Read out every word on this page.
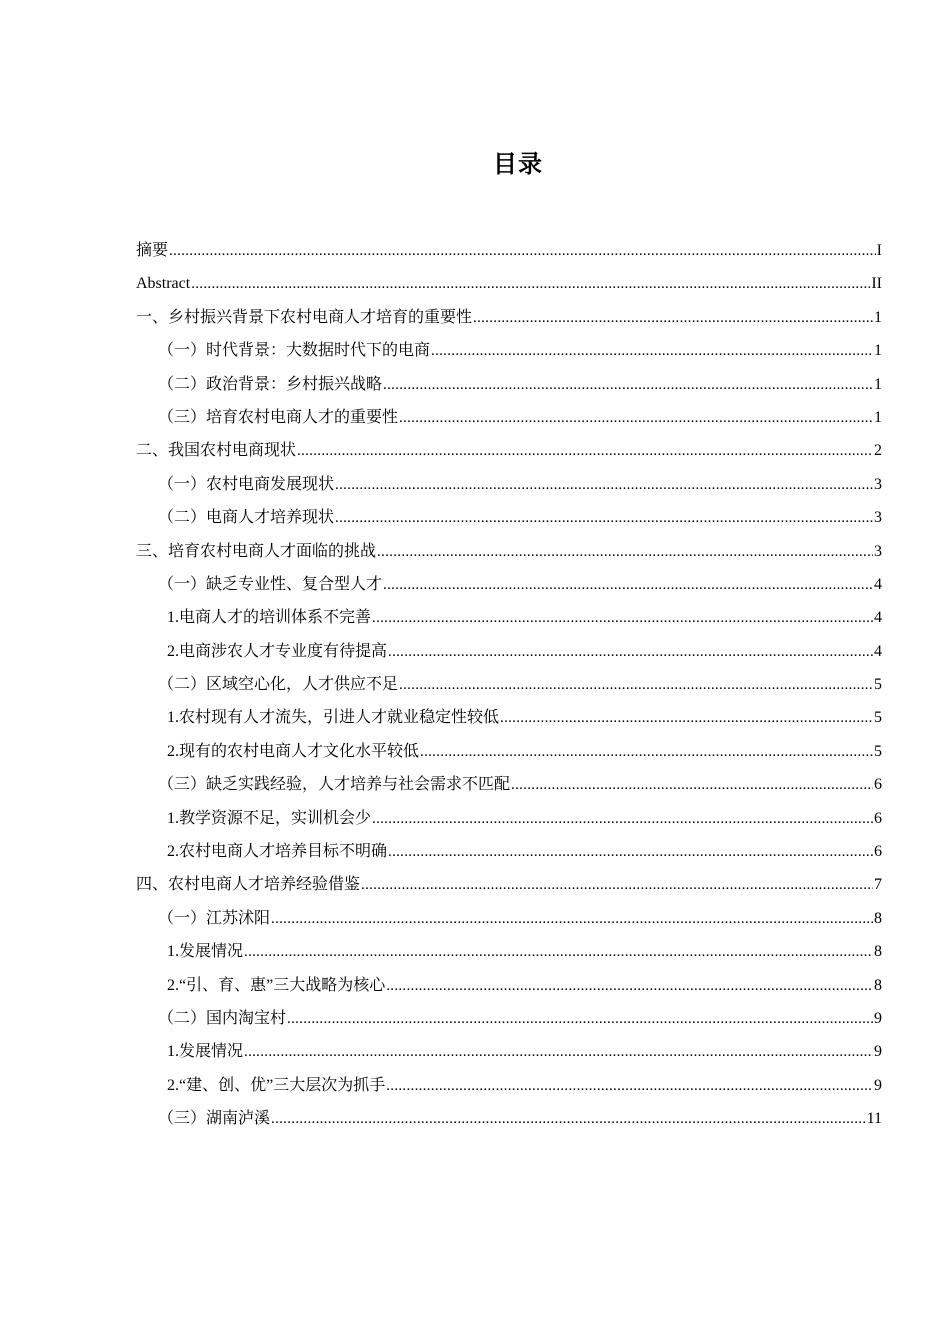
目录
摘要 .....	I
Abstract .....	II
一、乡村振兴背景下农村电商人才培育的重要性 .....	1
（一）时代背景：大数据时代下的电商 .....	1
（二）政治背景：乡村振兴战略 .....	1
（三）培育农村电商人才的重要性 .....	1
二、我国农村电商现状 .....	2
（一）农村电商发展现状 .....	3
（二）电商人才培养现状 .....	3
三、培育农村电商人才面临的挑战 .....	3
（一）缺乏专业性、复合型人才 .....	4
1.电商人才的培训体系不完善 .....	4
2.电商涉农人才专业度有待提高 .....	4
（二）区域空心化，人才供应不足 .....	5
1.农村现有人才流失，引进人才就业稳定性较低 .....	5
2.现有的农村电商人才文化水平较低 .....	5
（三）缺乏实践经验，人才培养与社会需求不匹配 .....	6
1.教学资源不足，实训机会少 .....	6
2.农村电商人才培养目标不明确 .....	6
四、农村电商人才培养经验借鉴 .....	7
（一）江苏沭阳 .....	8
1.发展情况 .....	8
2.“引、育、惠”三大战略为核心 .....	8
（二）国内淘宝村 .....	9
1.发展情况 .....	9
2.“建、创、优”三大层次为抓手 .....	9
（三）湖南泸溪 .....	11
